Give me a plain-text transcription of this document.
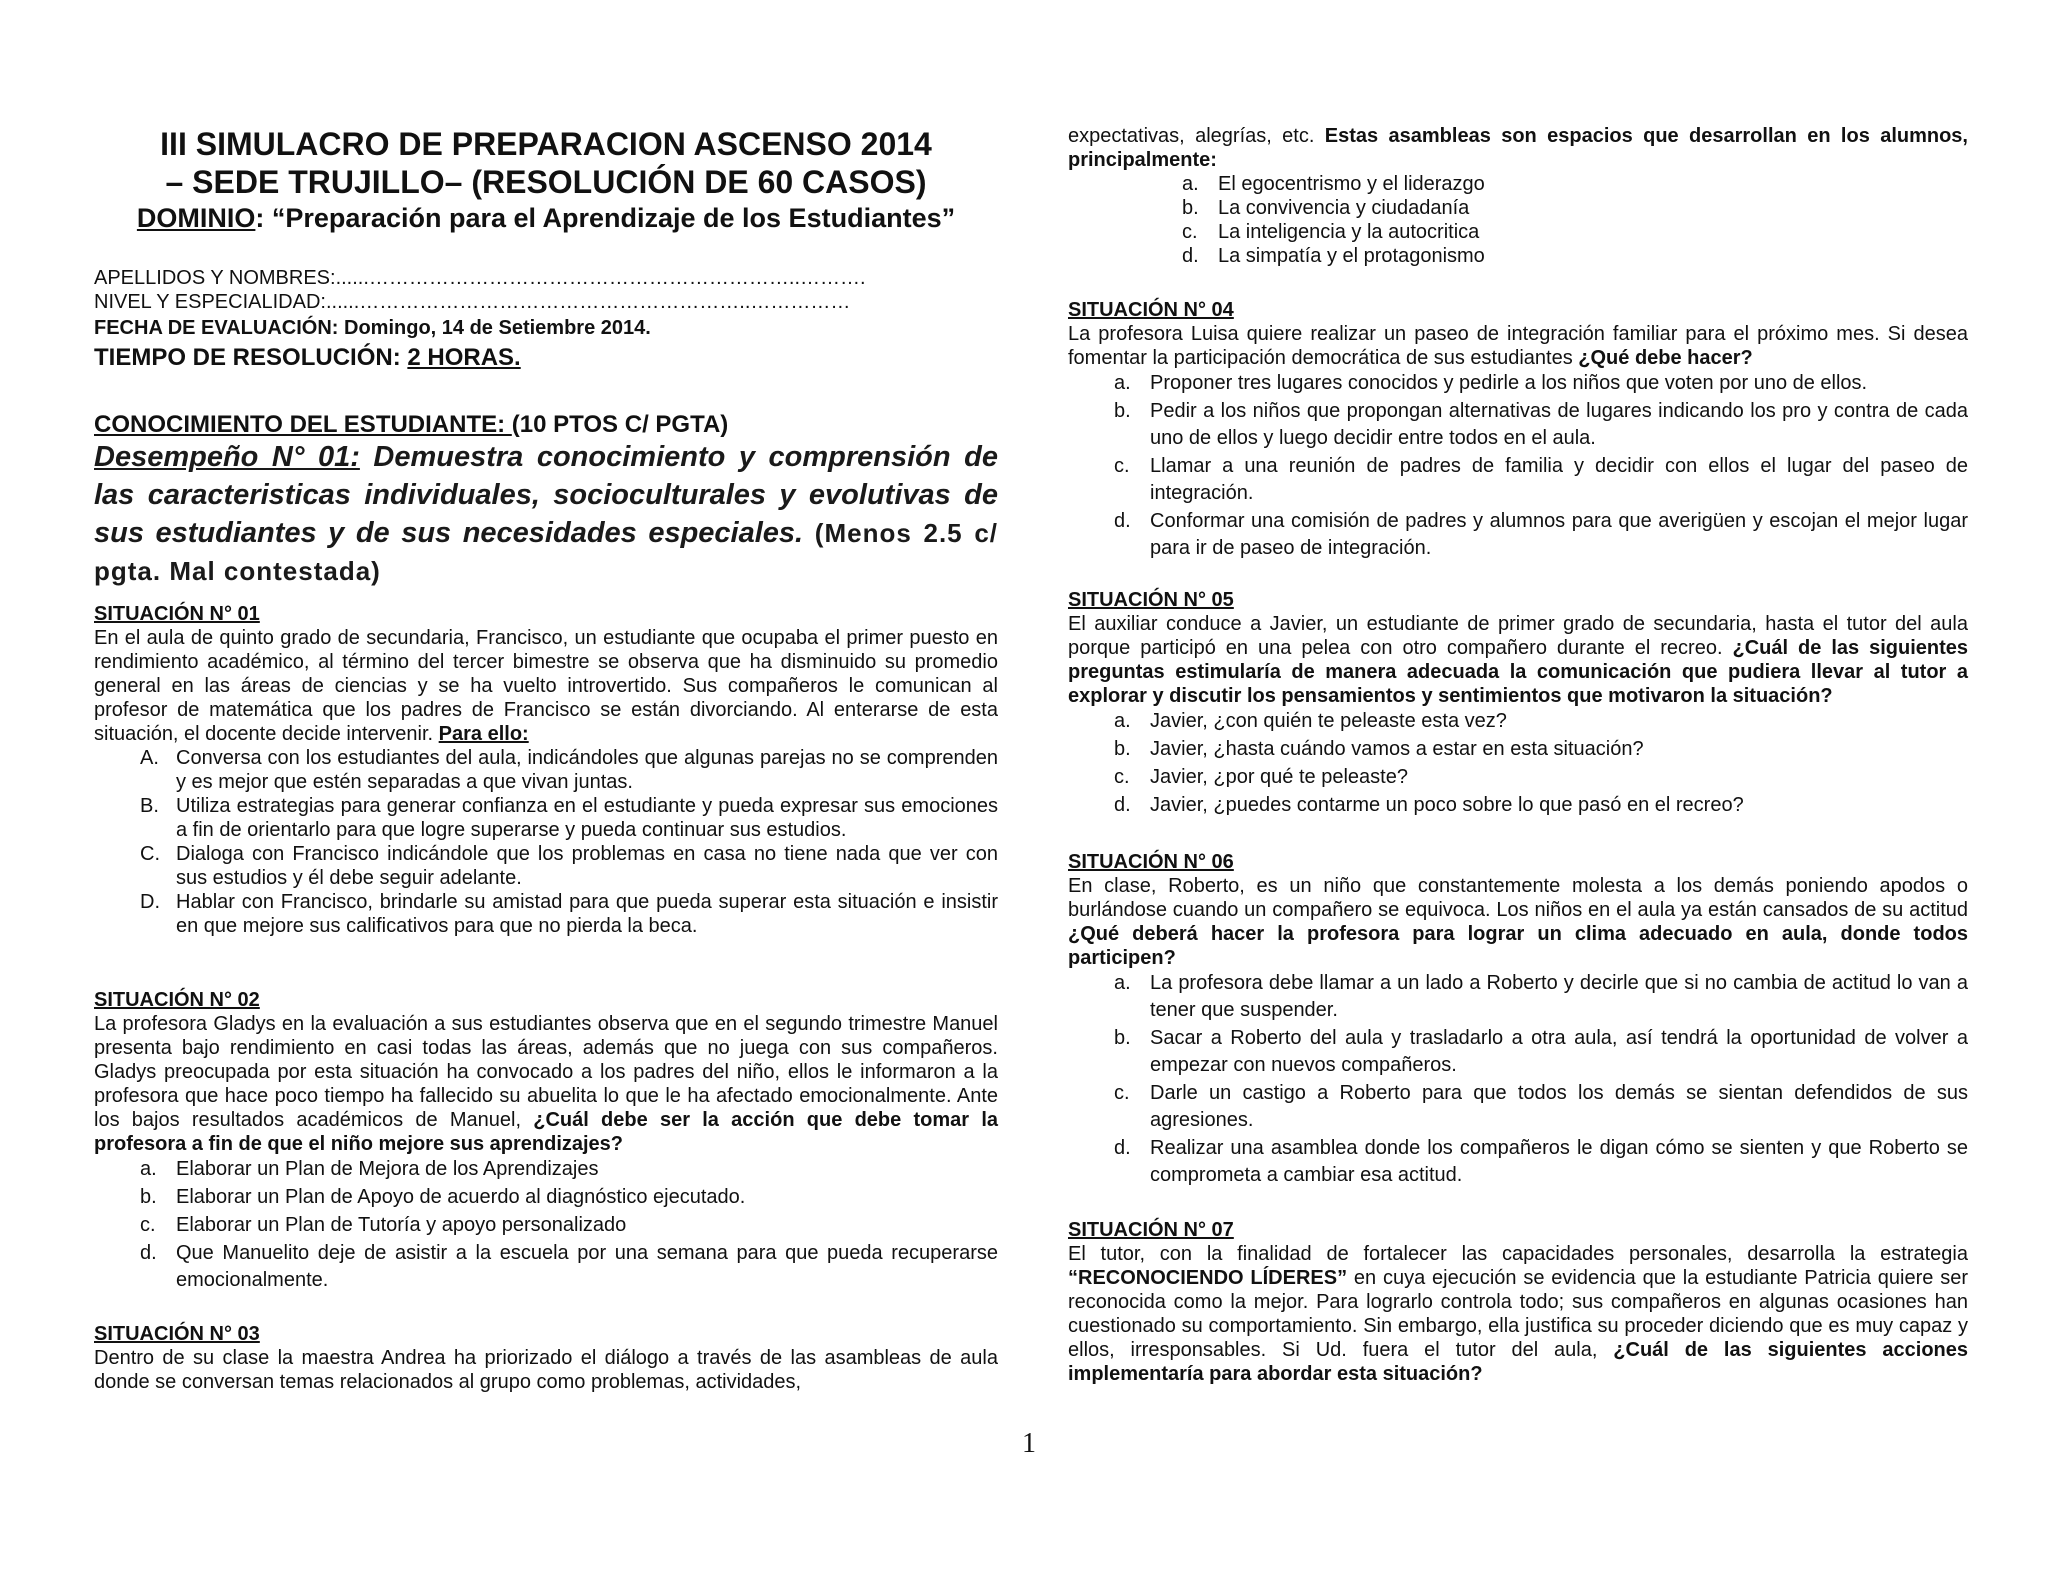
III SIMULACRO DE PREPARACION ASCENSO 2014
– SEDE TRUJILLO– (RESOLUCIÓN DE 60 CASOS)
DOMINIO: “Preparación para el Aprendizaje de los Estudiantes”
APELLIDOS Y NOMBRES:......………………………………………………………..……….
NIVEL Y ESPECIALIDAD:......…………………………………………………..……………
FECHA DE EVALUACIÓN: Domingo, 14 de Setiembre 2014.
TIEMPO DE RESOLUCIÓN: 2 HORAS.
CONOCIMIENTO DEL ESTUDIANTE: (10 PTOS C/ PGTA)
Desempeño N° 01: Demuestra conocimiento y comprensión de las caracteristicas individuales, socioculturales y evolutivas de sus estudiantes y de sus necesidades especiales. (Menos 2.5 c/ pgta. Mal contestada)
SITUACIÓN N° 01
En el aula de quinto grado de secundaria, Francisco, un estudiante que ocupaba el primer puesto en rendimiento académico, al término del tercer bimestre se observa que ha disminuido su promedio general en las áreas de ciencias y se ha vuelto introvertido. Sus compañeros le comunican al profesor de matemática que los padres de Francisco se están divorciando. Al enterarse de esta situación, el docente decide intervenir. Para ello:
A. Conversa con los estudiantes del aula, indicándoles que algunas parejas no se comprenden y es mejor que estén separadas a que vivan juntas.
B. Utiliza estrategias para generar confianza en el estudiante y pueda expresar sus emociones a fin de orientarlo para que logre superarse y pueda continuar sus estudios.
C. Dialoga con Francisco indicándole que los problemas en casa no tiene nada que ver con sus estudios y él debe seguir adelante.
D. Hablar con Francisco, brindarle su amistad para que pueda superar esta situación e insistir en que mejore sus calificativos para que no pierda la beca.
SITUACIÓN N° 02
La profesora Gladys en la evaluación a sus estudiantes observa que en el segundo trimestre Manuel presenta bajo rendimiento en casi todas las áreas, además que no juega con sus compañeros. Gladys preocupada por esta situación ha convocado a los padres del niño, ellos le informaron a la profesora que hace poco tiempo ha fallecido su abuelita lo que le ha afectado emocionalmente. Ante los bajos resultados académicos de Manuel, ¿Cuál debe ser la acción que debe tomar la profesora a fin de que el niño mejore sus aprendizajes?
a. Elaborar un Plan de Mejora de los Aprendizajes
b. Elaborar un Plan de Apoyo de acuerdo al diagnóstico ejecutado.
c. Elaborar un Plan de Tutoría y apoyo personalizado
d. Que Manuelito deje de asistir a la escuela por una semana para que pueda recuperarse emocionalmente.
SITUACIÓN N° 03
Dentro de su clase la maestra Andrea ha priorizado el diálogo a través de las asambleas de aula donde se conversan temas relacionados al grupo como problemas, actividades,
expectativas, alegrías, etc. Estas asambleas son espacios que desarrollan en los alumnos, principalmente:
a. El egocentrismo y el liderazgo
b. La convivencia y ciudadanía
c. La inteligencia y la autocritica
d. La simpatía y el protagonismo
SITUACIÓN N° 04
La profesora Luisa quiere realizar un paseo de integración familiar para el próximo mes. Si desea fomentar la participación democrática de sus estudiantes ¿Qué debe hacer?
a. Proponer tres lugares conocidos y pedirle a los niños que voten por uno de ellos.
b. Pedir a los niños que propongan alternativas de lugares indicando los pro y contra de cada uno de ellos y luego decidir entre todos en el aula.
c. Llamar a una reunión de padres de familia y decidir con ellos el lugar del paseo de integración.
d. Conformar una comisión de padres y alumnos para que averigüen y escojan el mejor lugar para ir de paseo de integración.
SITUACIÓN N° 05
El auxiliar conduce a Javier, un estudiante de primer grado de secundaria, hasta el tutor del aula porque participó en una pelea con otro compañero durante el recreo. ¿Cuál de las siguientes preguntas estimularía de manera adecuada la comunicación que pudiera llevar al tutor a explorar y discutir los pensamientos y sentimientos que motivaron la situación?
a. Javier, ¿con quién te peleaste esta vez?
b. Javier, ¿hasta cuándo vamos a estar en esta situación?
c. Javier, ¿por qué te peleaste?
d. Javier, ¿puedes contarme un poco sobre lo que pasó en el recreo?
SITUACIÓN N° 06
En clase, Roberto, es un niño que constantemente molesta a los demás poniendo apodos o burlándose cuando un compañero se equivoca. Los niños en el aula ya están cansados de su actitud ¿Qué deberá hacer la profesora para lograr un clima adecuado en aula, donde todos participen?
a. La profesora debe llamar a un lado a Roberto y decirle que si no cambia de actitud lo van a tener que suspender.
b. Sacar a Roberto del aula y trasladarlo a otra aula, así tendrá la oportunidad de volver a empezar con nuevos compañeros.
c. Darle un castigo a Roberto para que todos los demás se sientan defendidos de sus agresiones.
d. Realizar una asamblea donde los compañeros le digan cómo se sienten y que Roberto se comprometa a cambiar esa actitud.
SITUACIÓN N° 07
El tutor, con la finalidad de fortalecer las capacidades personales, desarrolla la estrategia “RECONOCIENDO LÍDERES” en cuya ejecución se evidencia que la estudiante Patricia quiere ser reconocida como la mejor. Para lograrlo controla todo; sus compañeros en algunas ocasiones han cuestionado su comportamiento. Sin embargo, ella justifica su proceder diciendo que es muy capaz y ellos, irresponsables. Si Ud. fuera el tutor del aula, ¿Cuál de las siguientes acciones implementaría para abordar esta situación?
1
